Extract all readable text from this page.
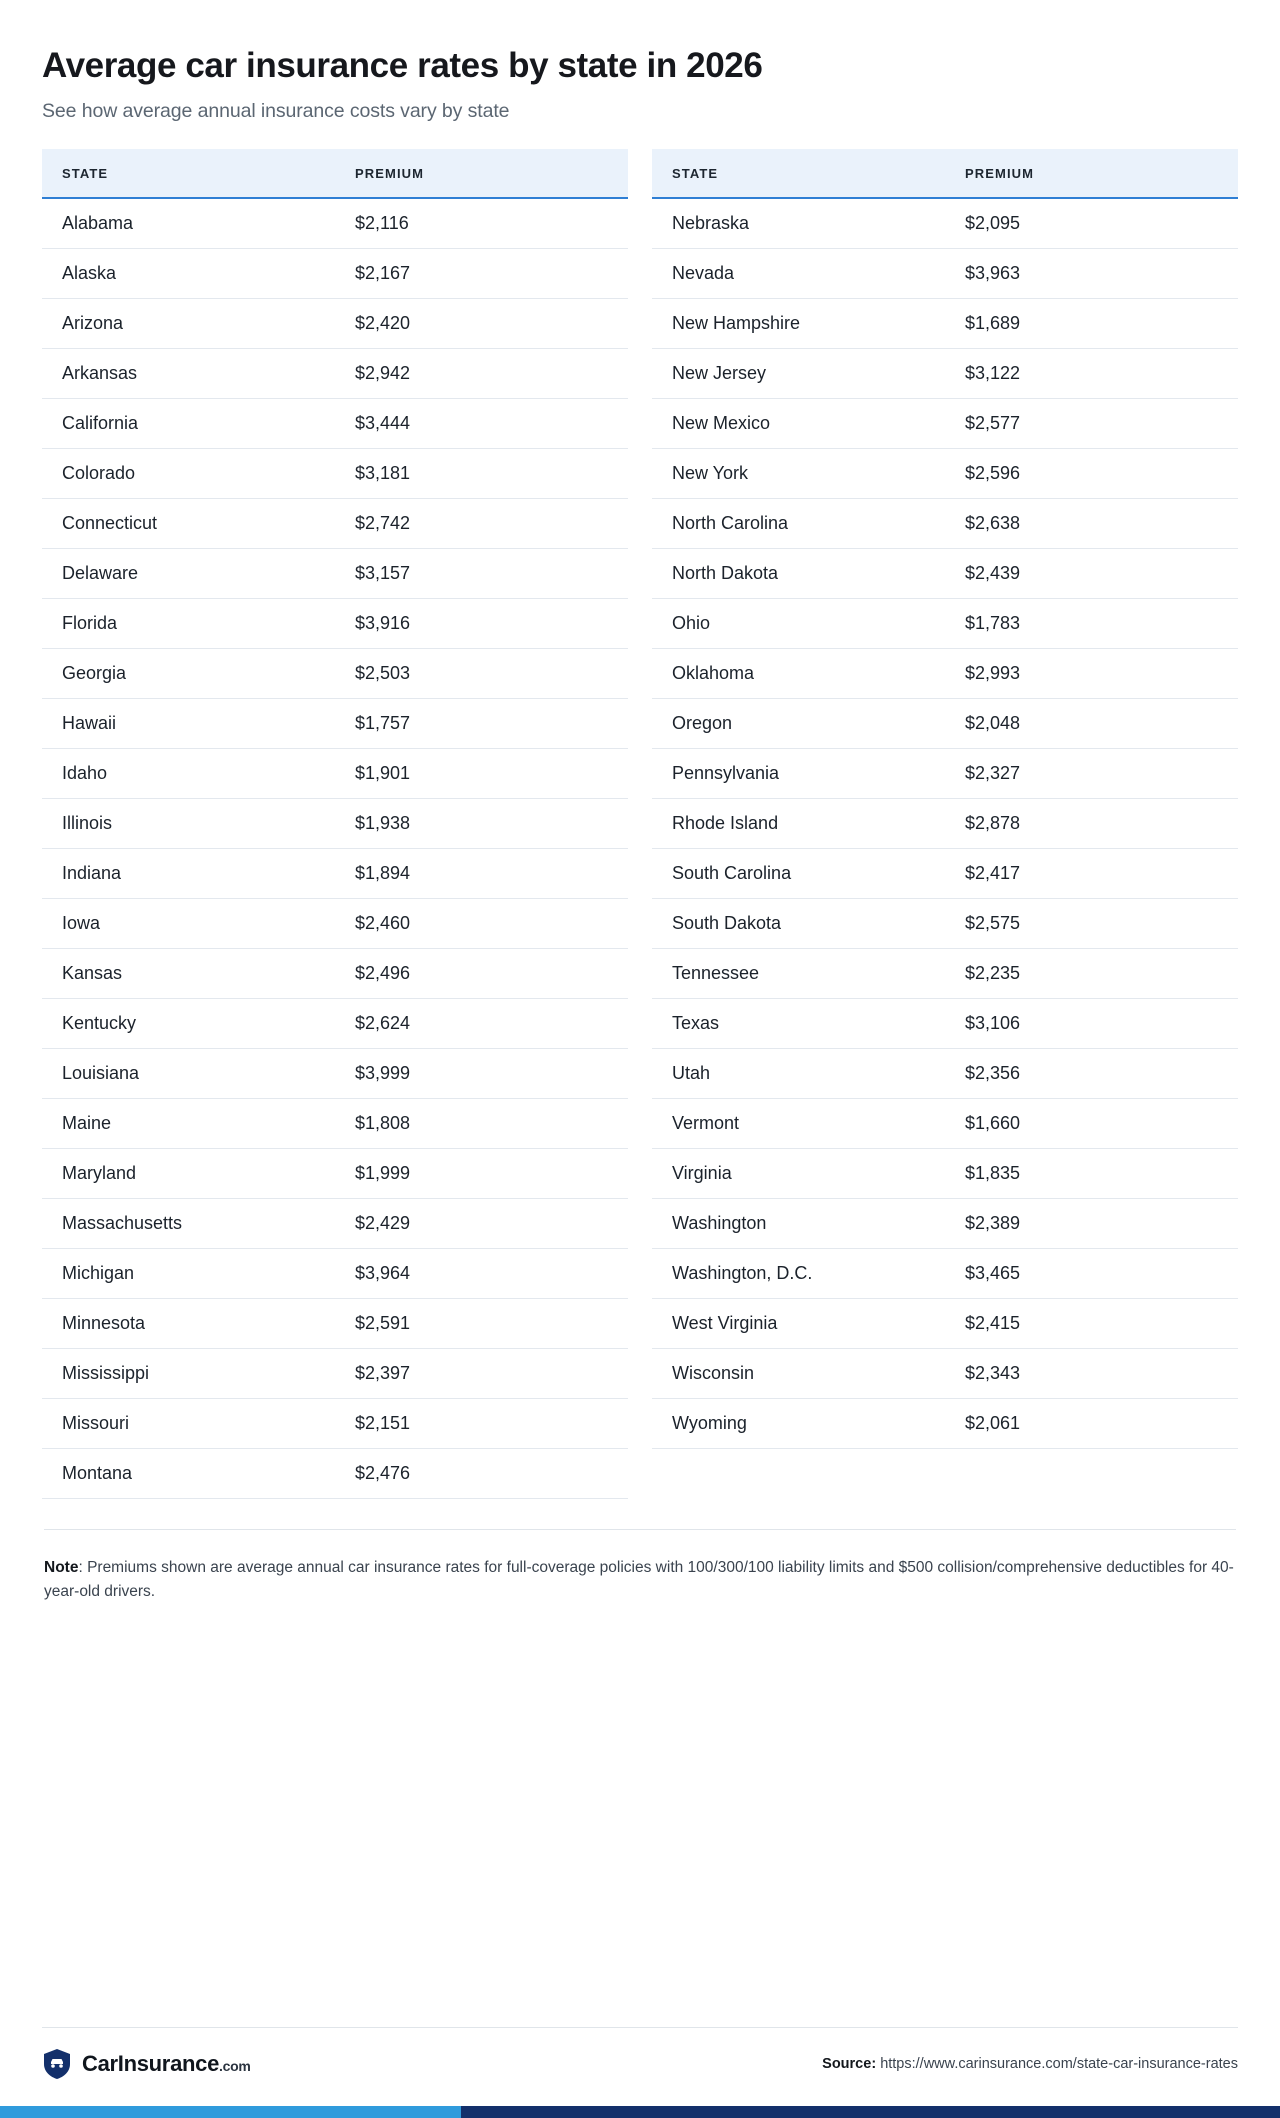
Average car insurance rates by state in 2026
See how average annual insurance costs vary by state
STATE	PREMIUM
Alabama	$2,116
Alaska	$2,167
Arizona	$2,420
Arkansas	$2,942
California	$3,444
Colorado	$3,181
Connecticut	$2,742
Delaware	$3,157
Florida	$3,916
Georgia	$2,503
Hawaii	$1,757
Idaho	$1,901
Illinois	$1,938
Indiana	$1,894
Iowa	$2,460
Kansas	$2,496
Kentucky	$2,624
Louisiana	$3,999
Maine	$1,808
Maryland	$1,999
Massachusetts	$2,429
Michigan	$3,964
Minnesota	$2,591
Mississippi	$2,397
Missouri	$2,151
Montana	$2,476
STATE	PREMIUM
Nebraska	$2,095
Nevada	$3,963
New Hampshire	$1,689
New Jersey	$3,122
New Mexico	$2,577
New York	$2,596
North Carolina	$2,638
North Dakota	$2,439
Ohio	$1,783
Oklahoma	$2,993
Oregon	$2,048
Pennsylvania	$2,327
Rhode Island	$2,878
South Carolina	$2,417
South Dakota	$2,575
Tennessee	$2,235
Texas	$3,106
Utah	$2,356
Vermont	$1,660
Virginia	$1,835
Washington	$2,389
Washington, D.C.	$3,465
West Virginia	$2,415
Wisconsin	$2,343
Wyoming	$2,061
Note: Premiums shown are average annual car insurance rates for full-coverage policies with 100/300/100 liability limits and $500 collision/comprehensive deductibles for 40-year-old drivers.
CarInsurance.com	Source: https://www.carinsurance.com/state-car-insurance-rates
